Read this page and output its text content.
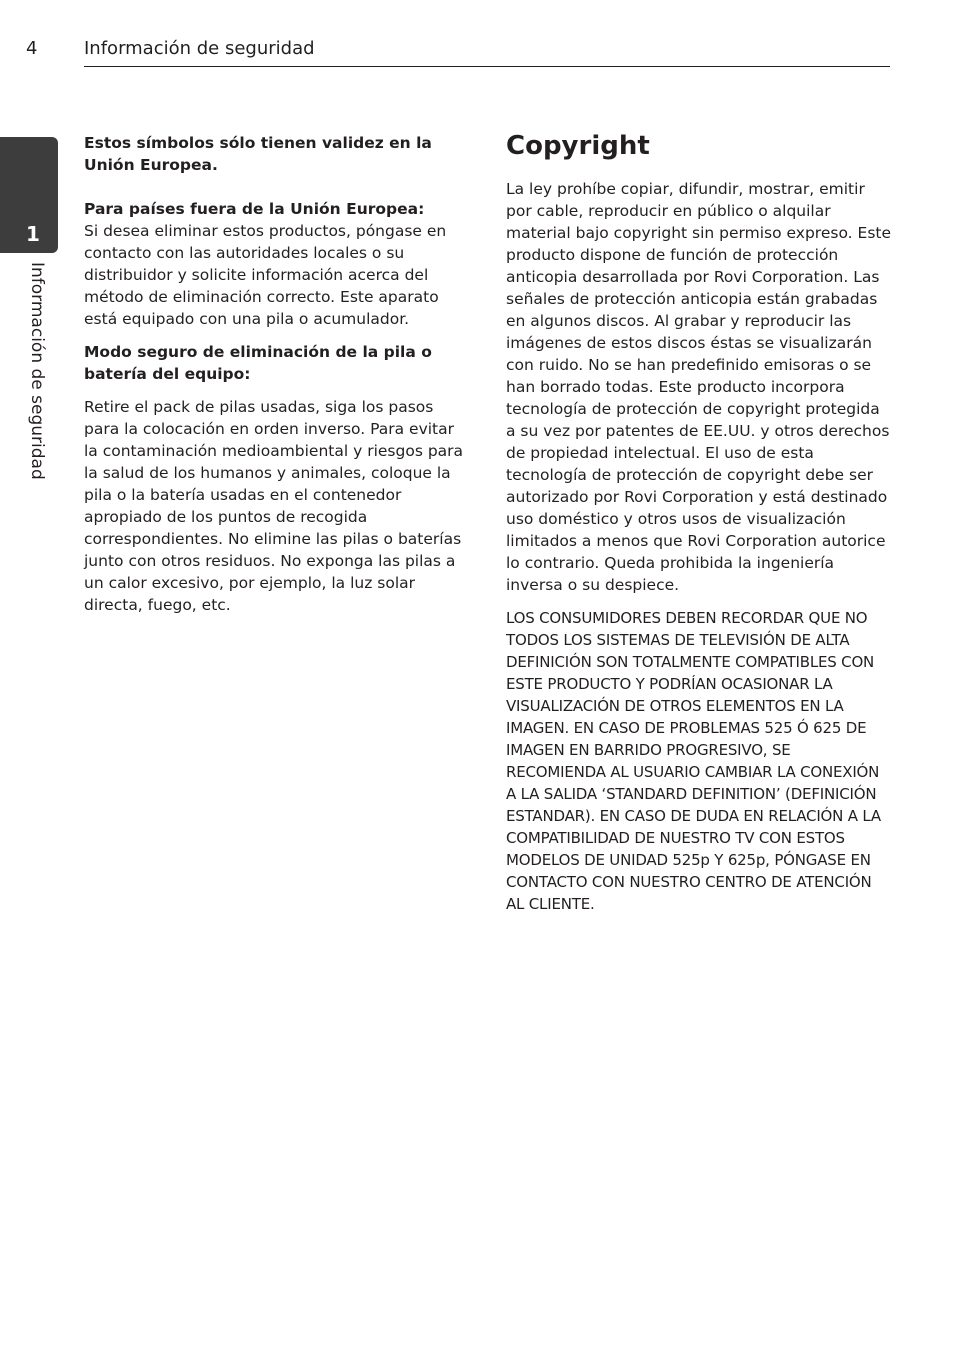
4	Información de seguridad
1
Información de seguridad

Estos símbolos sólo tienen validez en la Unión Europea.

Para países fuera de la Unión Europea:

Si desea eliminar estos productos, póngase en contacto con las autoridades locales o su distribuidor y solicite información acerca del método de eliminación correcto. Este aparato está equipado con una pila o acumulador.

Modo seguro de eliminación de la pila o batería del equipo:

Retire el pack de pilas usadas, siga los pasos para la colocación en orden inverso. Para evitar la contaminación medioambiental y riesgos para la salud de los humanos y animales, coloque la pila o la batería usadas en el contenedor apropiado de los puntos de recogida correspondientes. No elimine las pilas o baterías junto con otros residuos. No exponga las pilas a un calor excesivo, por ejemplo, la luz solar directa, fuego, etc.

Copyright

La ley prohíbe copiar, difundir, mostrar, emitir por cable, reproducir en público o alquilar material bajo copyright sin permiso expreso. Este producto dispone de función de protección anticopia desarrollada por Rovi Corporation. Las señales de protección anticopia están grabadas en algunos discos. Al grabar y reproducir las imágenes de estos discos éstas se visualizarán con ruido. No se han predefinido emisoras o se han borrado todas. Este producto incorpora tecnología de protección de copyright protegida a su vez por patentes de EE.UU. y otros derechos de propiedad intelectual. El uso de esta tecnología de protección de copyright debe ser autorizado por Rovi Corporation y está destinado uso doméstico y otros usos de visualización limitados a menos que Rovi Corporation autorice lo contrario. Queda prohibida la ingeniería inversa o su despiece.

LOS CONSUMIDORES DEBEN RECORDAR QUE NO TODOS LOS SISTEMAS DE TELEVISIÓN DE ALTA DEFINICIÓN SON TOTALMENTE COMPATIBLES CON ESTE PRODUCTO Y PODRÍAN OCASIONAR LA VISUALIZACIÓN DE OTROS ELEMENTOS EN LA IMAGEN. EN CASO DE PROBLEMAS 525 Ó 625 DE IMAGEN EN BARRIDO PROGRESIVO, SE RECOMIENDA AL USUARIO CAMBIAR LA CONEXIÓN A LA SALIDA ‘STANDARD DEFINITION’ (DEFINICIÓN ESTANDAR). EN CASO DE DUDA EN RELACIÓN A LA COMPATIBILIDAD DE NUESTRO TV CON ESTOS MODELOS DE UNIDAD 525p Y 625p, PÓNGASE EN CONTACTO CON NUESTRO CENTRO DE ATENCIÓN AL CLIENTE.
